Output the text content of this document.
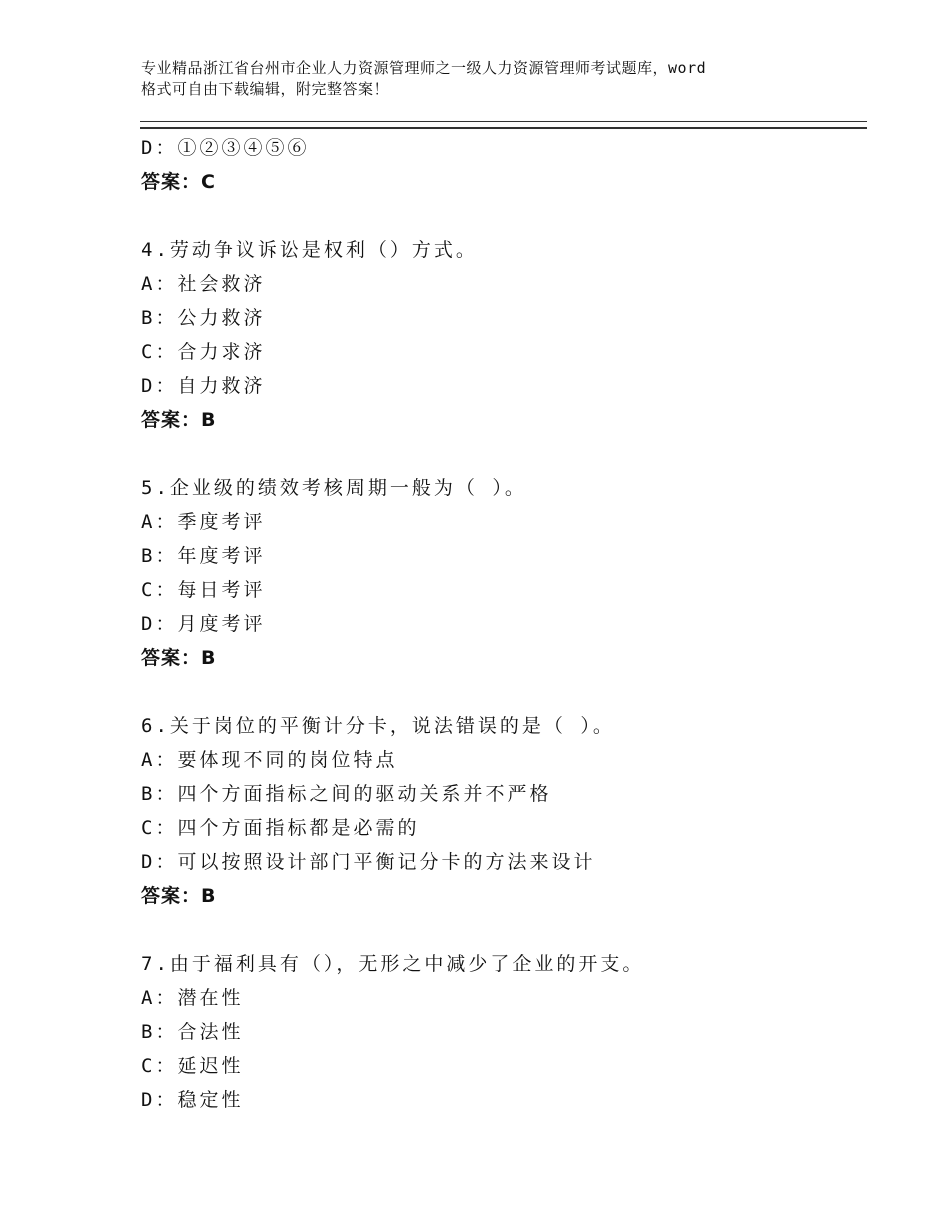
专业精品浙江省台州市企业人力资源管理师之一级人力资源管理师考试题库，word
格式可自由下载编辑，附完整答案！
D：①②③④⑤⑥
答案：C
4.劳动争议诉讼是权利（）方式。
A：社会救济
B：公力救济
C：合力求济
D：自力救济
答案：B
5.企业级的绩效考核周期一般为（ ）。
A：季度考评
B：年度考评
C：每日考评
D：月度考评
答案：B
6.关于岗位的平衡计分卡，说法错误的是（ ）。
A：要体现不同的岗位特点
B：四个方面指标之间的驱动关系并不严格
C：四个方面指标都是必需的
D：可以按照设计部门平衡记分卡的方法来设计
答案：B
7.由于福利具有（），无形之中减少了企业的开支。
A：潜在性
B：合法性
C：延迟性
D：稳定性
